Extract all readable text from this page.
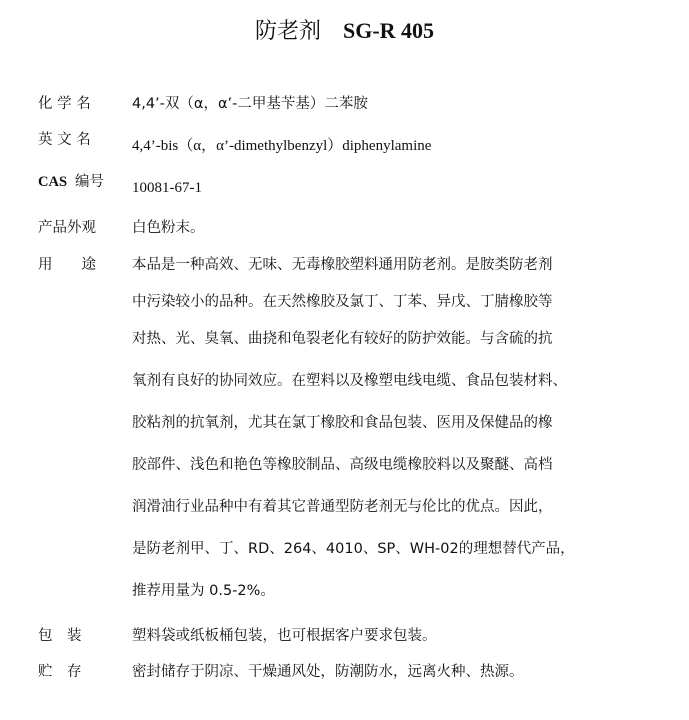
防老剂 SG-R 405
化 学 名	4,4’-双（α，α’-二甲基苄基）二苯胺
英 文 名	4,4’-bis（α，α’-dimethylbenzyl）diphenylamine
CAS 编号	10081-67-1
产品外观	白色粉末。
用　　途	本品是一种高效、无味、无毒橡胶塑料通用防老剂。是胺类防老剂
中污染较小的品种。在天然橡胶及氯丁、丁苯、异戊、丁腈橡胶等
对热、光、臭氧、曲挠和龟裂老化有较好的防护效能。与含硫的抗
氧剂有良好的协同效应。在塑料以及橡塑电线电缆、食品包装材料、
胶粘剂的抗氧剂，尤其在氯丁橡胶和食品包装、医用及保健品的橡
胶部件、浅色和艳色等橡胶制品、高级电缆橡胶料以及聚醚、高档
润滑油行业品种中有着其它普通型防老剂无与伦比的优点。因此，
是防老剂甲、丁、RD、264、4010、SP、WH-02的理想替代产品，
推荐用量为 0.5-2%。
包　装	塑料袋或纸板桶包装，也可根据客户要求包装。
贮　存	密封储存于阴凉、干燥通风处，防潮防水，远离火种、热源。
